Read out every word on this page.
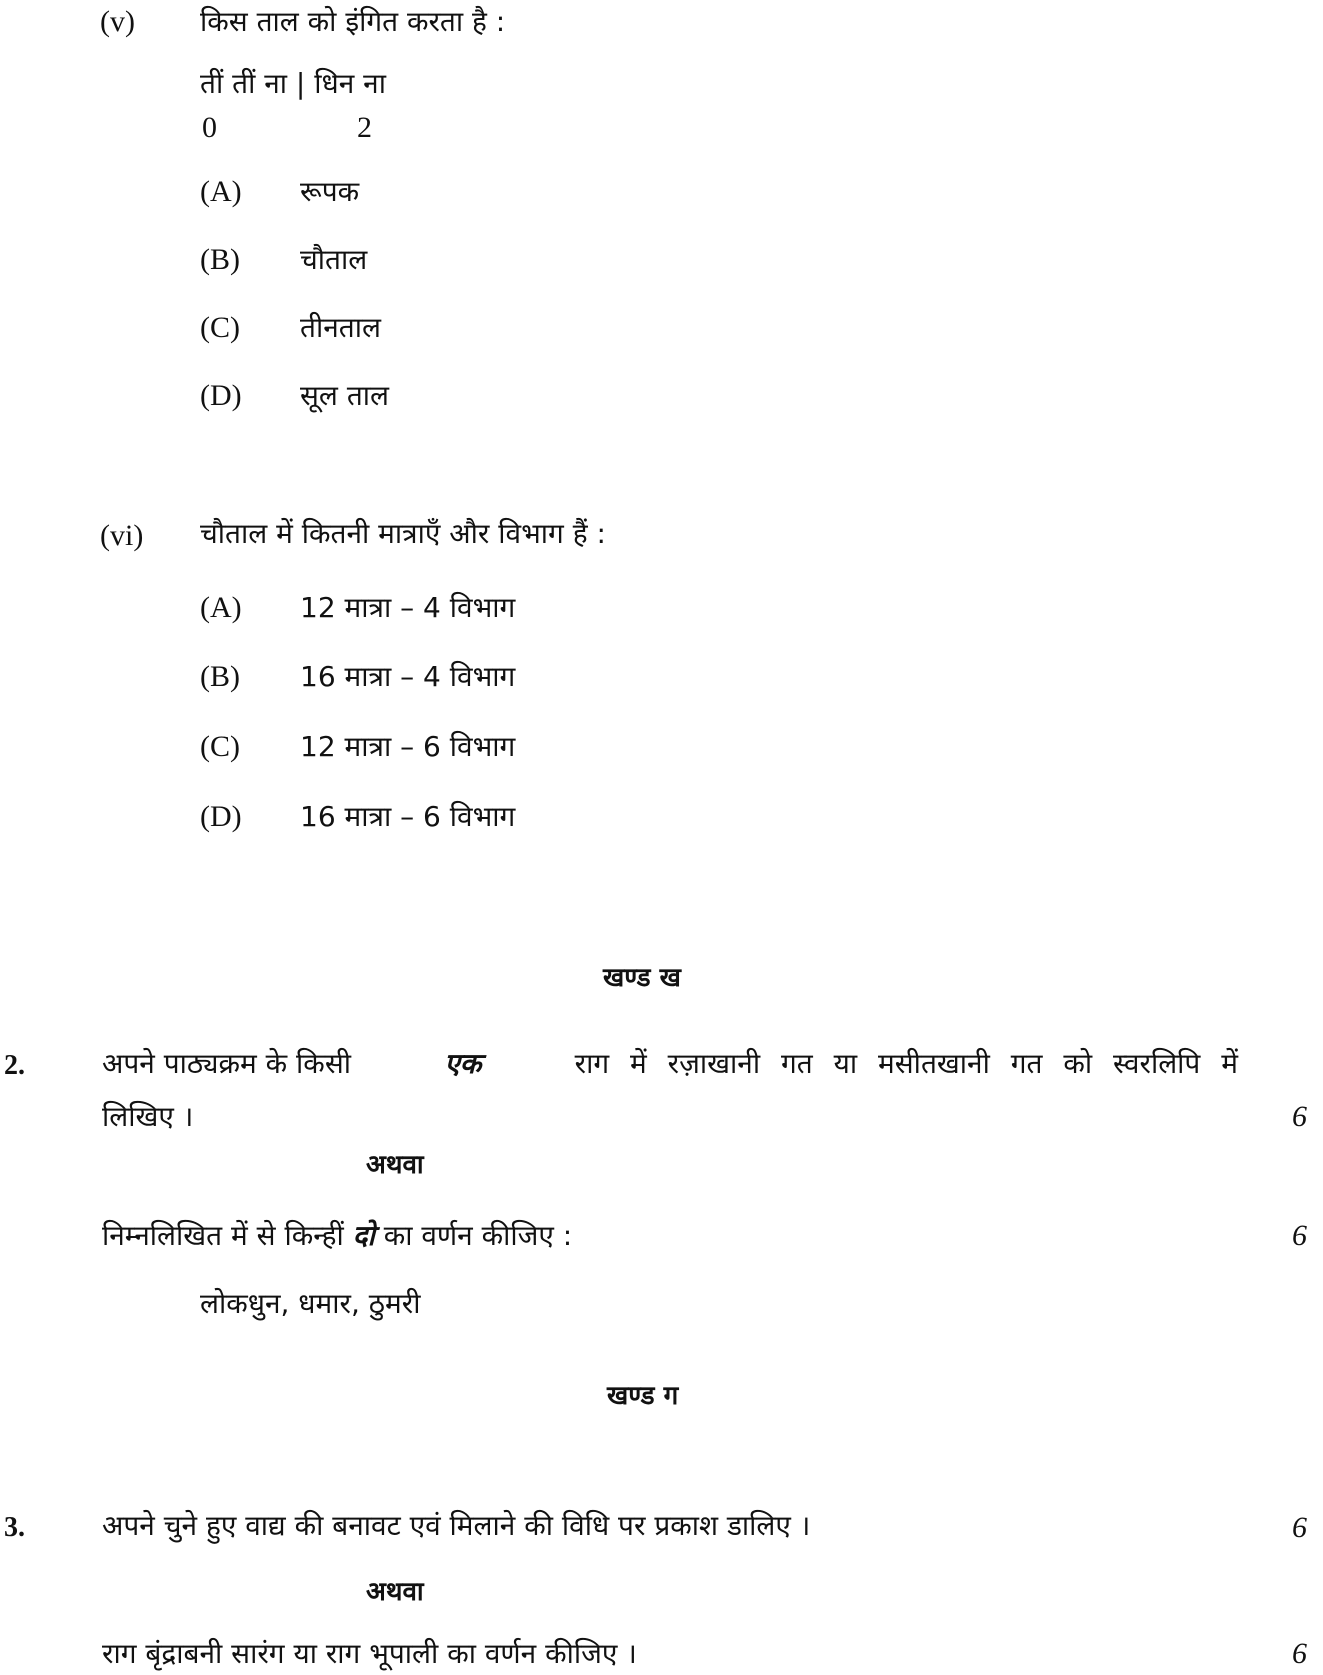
(v) किस ताल को इंगित करता है :
तीं तीं ना | धिन ना
0	2
(A) रूपक
(B) चौताल
(C) तीनताल
(D) सूल ताल
(vi) चौताल में कितनी मात्राएँ और विभाग हैं :
(A) 12 मात्रा – 4 विभाग
(B) 16 मात्रा – 4 विभाग
(C) 12 मात्रा – 6 विभाग
(D) 16 मात्रा – 6 विभाग
खण्ड ख
2.	अपने पाठ्यक्रम के किसी	एक	राग में रज़ाखानी गत या मसीतखानी गत को स्वरलिपि में
लिखिए ।	6
अथवा
निम्नलिखित में से किन्हीं दो का वर्णन कीजिए :	6
लोकधुन, धमार, ठुमरी
खण्ड ग
3.	अपने चुने हुए वाद्य की बनावट एवं मिलाने की विधि पर प्रकाश डालिए ।	6
अथवा
राग बृंद्राबनी सारंग या राग भूपाली का वर्णन कीजिए ।	6
